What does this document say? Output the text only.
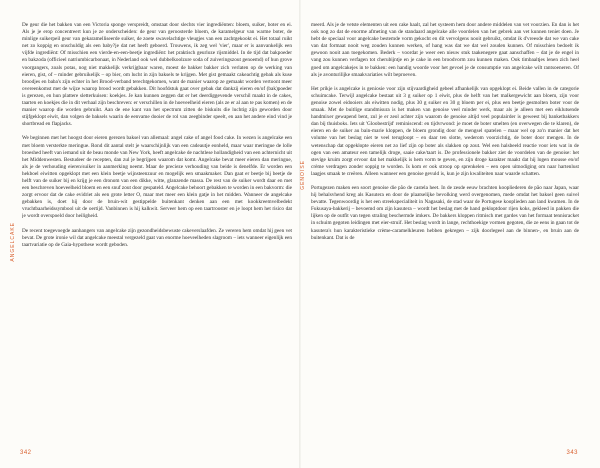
De geur die het bakken van een Victoria sponge verspreidt, omstaat door slechts vier ingrediënten: bloem, suiker, boter en ei. Als je je erop concentreert kun je ze onderscheiden: de geur van geroosterde bloem, de karamelgeur van warme boter, de minlige suikerpeil geur van gekaramelliseerde suiker, de zoete swavelachtige vleugjes van een zachtgekookt ei. Het totaal ruikt net zo koppig en onschuldig als een baby?je dat net heeft geboerd. Trouwens, ik zeg wel 'vier', maar er is aanvankelijk een vijfde ingrediënt: Of misschien een vierde-en-een-beetje ingrediënt: het praktisch geurloze rijsmiddel. In de tijd dat bakpoeder en bakzoda (officieel natriumbicarbonaat, in Nederland ook wel dubbelkoolzure soda of zuiveringszout genoemd) of hun grove voorgangers, zoals potas, nog niet makkelijk verkrijgbaar waren, moest de bakker bakker zich verlaten op de werking van eieren, gist, of – minder gebruikelijk – op bier, om lucht in zijn baksels te krijgen. Met gist gemaakt cakeachtig gebak als kuse broodjes en baba's zijn echter in het Brood-verband terechtgekomen, want de manier waarop ze gemaakt worden vertoont meer overeenkomst met de wijze waarop brood wordt gebakken. Dit hoofdstuk gaat over gebak dat dankzij eieren en/of (bak)poeder is gerezen, en hun plattere sletterkuisen: koekjes. Je kan kunnen zeggen dat er het deerdiggevende verschil maakt in de cakes, taarten en koekjes die in dit verhaal zijn beschreven: er verschillen in de hoeveelheid eieren (als ze er al aan te pas komen) en de manier waarop die worden gebruikt. Aan de ene kant van het spectrum zitten de biskuits die luchtig zijn geworden door stijfgeklopt eiwit, dan volgen de baksels waarin de eenvame dooier de rol van zeegbinder speelt, en aan het andere eind vind je shortbread en flapjacks.

We beginnen met het hoogst door eieren gerezen baksel van allemaal: angel cake of angel food cake. In wezen is angelcake een met bloem versterkte meringue. Rond dit aantal stelt je waarschijnlijk van een cadeautje eonheld, maar waar meringue de lolle broeshed heeft van iemand uit de beau monde van New York, heeft angelcake de nachtlese hollandigheid van een achternicht uit het Middenwesten. Bestudeer de recepten, dan zul je begrijpen waarom dat komt. Angelcake bevat meer eieren dan meringue, als je de verhouding eieren/suiker in aanmerking neemt. Maar de precieze verhouding van beide is denelfde. Er worden een hekboel eiwitten opgeklopt met een klein beetje wijnsteenzuur en mogelijk een smaakmaker. Dan gaat er beetje bij beetje de helft van de suiker bij en krijg je een dronom van een dikke, witte, glanzende massa. De rest van de suiker wordt daar en met een beschreven hoeveelheid bloem en een snuf zout door gespateld. Angelcake behoort gebakken te worden in een bakvorm: die zorgt ervoor dat de cake evidriet als een grote letter O, maar met meer een klein gatje in het midden. Wanneer de angelcake gebakken is, doet hij door de bruin-wit gestippelde buitenkant denken aan een met kookkreemvelbedekt vruchtbaarheidssymbool uit de oertijd. Vanbinnen is hij kalkwit. Serveer hem op een taartrooster en je loopt hem het risico dat je wordt overspoeld door heiligheid.

De recent toegevoegde aanhangers van angelcake zijn gezondheidsbewuste cakeverslaafden. Ze vereren hem omdat hij geen vet bevat. De grote ironie wil dat angelcake meestal vergezeld gaat van enorme hoeveelheden slagroom – iets wanneer eigenlijk een taartvariatie op de Gaia-hypothese wordt geboden.

ANGELCAKE
342

meerd. Als je de vetste elementen uit een cake haalt, zal het systeem hem door andere middelen van vet voorzien. En dan is het ook nog zo dat de enorme afmeting van de standaard angelcake alle voordelen van het gebrek aan vet kunnen teniet doen. Je hebt de speciaal voor angelcake bestemde vorm gekocht en dit vervolgens nooit gebruikt, omdat ik d'vreesde dat we van cake van dat formaat nooit weg zouden kunnen werken, of hang was dat we dat wel zouden kunnen. Of misschien bedoelt ik gewoon nooit aan toegekomen. Bederk – voordat je weer een nieuw stuk taakenegere gaat aanschaffen – dat je de engel in vang zou kunnen verfagen tot cherubijntje en je cake in een broodvorm zou kunnen maken. Ook timbaaltjes lenen zich heel goed om angelcakejes in te bakken: een handig woorde voor het gevoel je de consumptie van angelcake wilt rantsoeneren. Of als je avonturilijke smaakvariaties wilt beproeven.

Het prikje is angelcake is geniosie voor zijn stijvaardigheid gebeel afhankelijk van opgeklopt ei. Beide vallen in de categorie schuimcake. Terwijl angelcake bestaat uit 3 g suiker op 1 eiwit, plus de helft van het malkergewicht aan bloem, zijn voor genoise zowel eidooiers als eiwitten nodig, plus 30 g suiker en 30 g bloem per ei, plus een beetje gesmolten boter voor de smaak. Met de buitlige standmisura is het maken van genoise veel minder werk, maar als je alleen met een eiklutsende handmixer gewapend bent, zul je er zeol achter zijn waarom de genoise altijd veel populairder is geweest bij banketbakkers dan bij thuisboks. Iets uit 'Gloobestrijd' reminiscend: en tijdvrwond: je moet de boter smelten (en overwegen die te klaren), de eieren en de suiker au bain-marie kloppen, de bloem grondig door de mengsel spatelen – maar wel op zo'n manier dat het volume van het beslag niet te veel terugloopt – en daar ten slotte, wederom voorzichtig, de boter door mengen. In de wetenschap dat opgeklopte eieren net zo lief zijn op boter als slakken op zout. Wel een halsbeeld reactie voor iets wat in de ogen van een amateur een tamelijk droge, saaie cake/taart is. De professionele bakker ziet de voordelen van de genoise: het stevige kruim zorgt ervoor dat het makkelijk is hem vorm te geven, en zijn droge karakter maakt dat hij logen mousse en/of crème verdragen zonder soppig te worden. Is kom er ook stroop op sprenkelen – een open uitnodiging om naar hartenlust laagjes smaak te creëren. Alleen wanneer een genoise gevuld is, kun je zijn kwaliteiten naar waarde schatten.

Portugezen maken een soort genoise die pão de castela heet. In de zesde eeuw brachten koopliederen de pão naar Japan, waar hij behalsvhend kreg als Kasutera en door de plaatselijke bevolking werd overgenomen, mede omdat het baksel geen suivel bevatte. Tegenwoordig is het een streekspecialiteit in Nagasaki, de stad waar de Portugese kooplieden aan land kwamen. In de Fukusaya-bakkerij – bevoemd om zijn kasutera – wordt het beslag met de hand gekloptdoor rijen koks, gekleed in pakken die lijken op de outfit van tegen straling beschermde imkers. De bakkers kloppen ritmisch met gardes van het formaat tennisracket in schuim gegoten leidingen met eier-struif. Het beslag wordt in lange, rechthoekige vormen gegoten, die ze eens in gaan tot de kasutera's hun karakteristieke crème-caramelkleuren hebben gekregen – zijk doorlegeel aan de binnen-, en bruin aan de buitenkant. Dat is de

GENOISE
343
